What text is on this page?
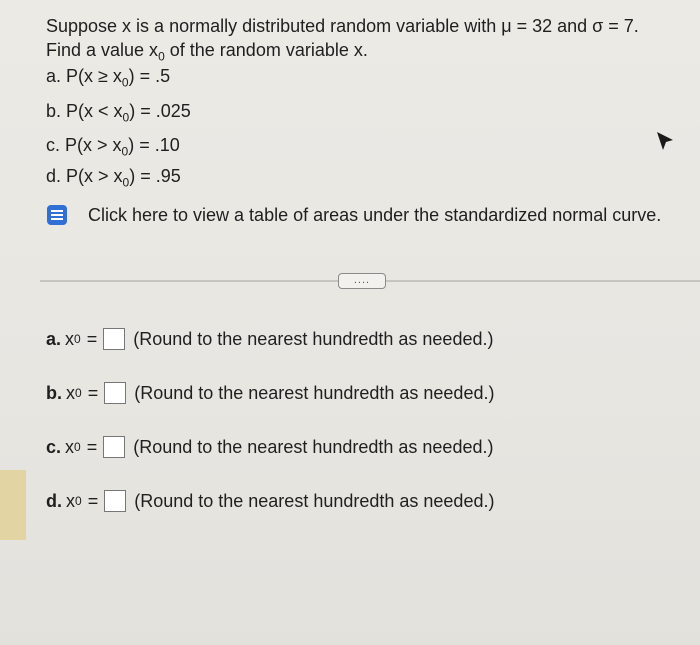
Suppose x is a normally distributed random variable with μ = 32 and σ = 7.
Find a value $x_0$ of the random variable x.
a. $P(x \ge x_0) = .5$
b. $P(x < x_0) = .025$
c. $P(x > x_0) = .10$
d. $P(x > x_0) = .95$
Click here to view a table of areas under the standardized normal curve.
....
a. x 0 = (Round to the nearest hundredth as needed.)
b. x 0 = (Round to the nearest hundredth as needed.)
c. x 0 = (Round to the nearest hundredth as needed.)
d. x 0 = (Round to the nearest hundredth as needed.)
